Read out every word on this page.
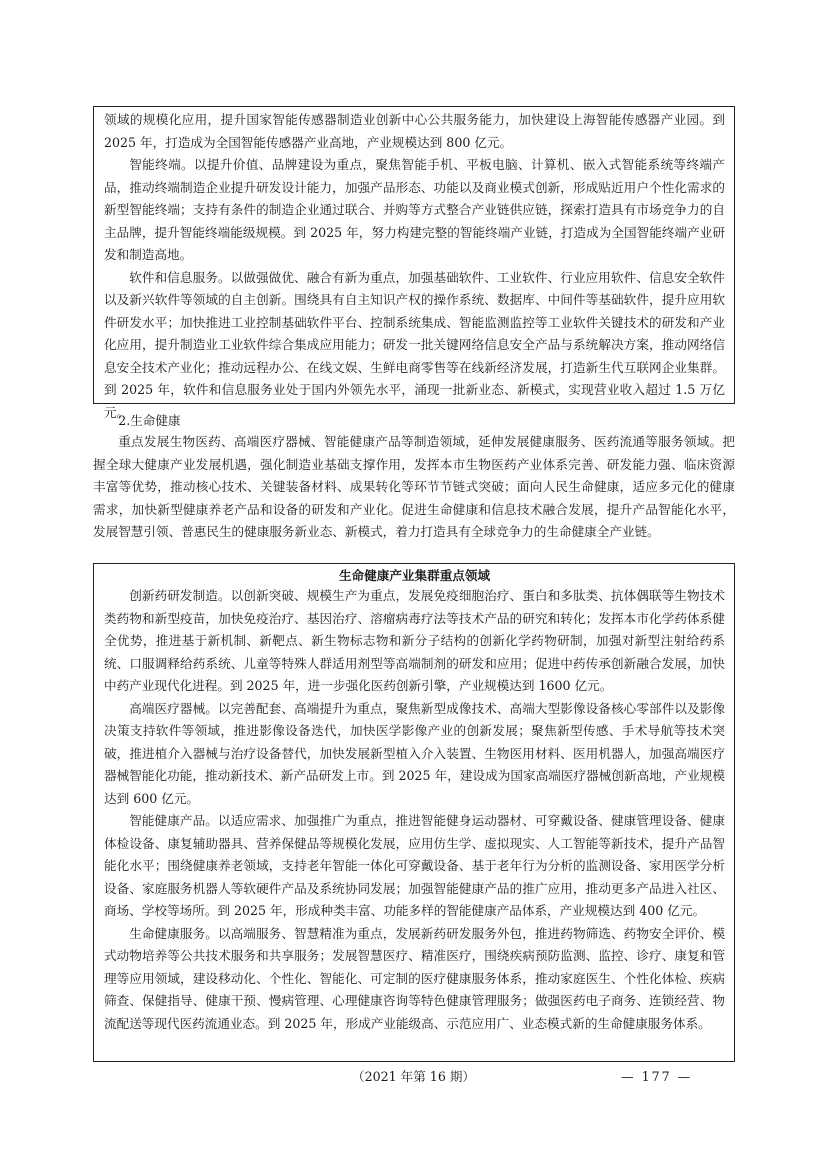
领域的规模化应用，提升国家智能传感器制造业创新中心公共服务能力，加快建设上海智能传感器产业园。到 2025 年，打造成为全国智能传感器产业高地，产业规模达到 800 亿元。

智能终端。以提升价值、品牌建设为重点，聚焦智能手机、平板电脑、计算机、嵌入式智能系统等终端产品，推动终端制造企业提升研发设计能力，加强产品形态、功能以及商业模式创新，形成贴近用户个性化需求的新型智能终端；支持有条件的制造企业通过联合、并购等方式整合产业链供应链，探索打造具有市场竞争力的自主品牌，提升智能终端能级规模。到 2025 年，努力构建完整的智能终端产业链，打造成为全国智能终端产业研发和制造高地。

软件和信息服务。以做强做优、融合有新为重点，加强基础软件、工业软件、行业应用软件、信息安全软件以及新兴软件等领域的自主创新。围绕具有自主知识产权的操作系统、数据库、中间件等基础软件，提升应用软件研发水平；加快推进工业控制基础软件平台、控制系统集成、智能监测监控等工业软件关键技术的研发和产业化应用，提升制造业工业软件综合集成应用能力；研发一批关键网络信息安全产品与系统解决方案，推动网络信息安全技术产业化；推动远程办公、在线文娱、生鲜电商零售等在线新经济发展，打造新生代互联网企业集群。到 2025 年，软件和信息服务业处于国内外领先水平，涌现一批新业态、新模式，实现营业收入超过 1.5 万亿元。

2.生命健康

重点发展生物医药、高端医疗器械、智能健康产品等制造领域，延伸发展健康服务、医药流通等服务领域。把握全球大健康产业发展机遇，强化制造业基础支撑作用，发挥本市生物医药产业体系完善、研发能力强、临床资源丰富等优势，推动核心技术、关键装备材料、成果转化等环节节链式突破；面向人民生命健康，适应多元化的健康需求，加快新型健康养老产品和设备的研发和产业化。促进生命健康和信息技术融合发展，提升产品智能化水平，发展智慧引领、普惠民生的健康服务新业态、新模式，着力打造具有全球竞争力的生命健康全产业链。

生命健康产业集群重点领域

创新药研发制造。以创新突破、规模生产为重点，发展免疫细胞治疗、蛋白和多肽类、抗体偶联等生物技术类药物和新型疫苗，加快免疫治疗、基因治疗、溶瘤病毒疗法等技术产品的研究和转化；发挥本市化学药体系健全优势，推进基于新机制、新靶点、新生物标志物和新分子结构的创新化学药物研制，加强对新型注射给药系统、口服调释给药系统、儿童等特殊人群适用剂型等高端制剂的研发和应用；促进中药传承创新融合发展，加快中药产业现代化进程。到 2025 年，进一步强化医药创新引擎，产业规模达到 1600 亿元。

高端医疗器械。以完善配套、高端提升为重点，聚焦新型成像技术、高端大型影像设备核心零部件以及影像决策支持软件等领域，推进影像设备迭代，加快医学影像产业的创新发展；聚焦新型传感、手术导航等技术突破，推进植介入器械与治疗设备替代，加快发展新型植入介入装置、生物医用材料、医用机器人，加强高端医疗器械智能化功能，推动新技术、新产品研发上市。到 2025 年，建设成为国家高端医疗器械创新高地，产业规模达到 600 亿元。

智能健康产品。以适应需求、加强推广为重点，推进智能健身运动器材、可穿戴设备、健康管理设备、健康体检设备、康复辅助器具、营养保健品等规模化发展，应用仿生学、虚拟现实、人工智能等新技术，提升产品智能化水平；围绕健康养老领域，支持老年智能一体化可穿戴设备、基于老年行为分析的监测设备、家用医学分析设备、家庭服务机器人等软硬件产品及系统协同发展；加强智能健康产品的推广应用，推动更多产品进入社区、商场、学校等场所。到 2025 年，形成种类丰富、功能多样的智能健康产品体系，产业规模达到 400 亿元。

生命健康服务。以高端服务、智慧精准为重点，发展新药研发服务外包，推进药物筛选、药物安全评价、模式动物培养等公共技术服务和共享服务；发展智慧医疗、精准医疗，围绕疾病预防监测、监控、诊疗、康复和管理等应用领域，建设移动化、个性化、智能化、可定制的医疗健康服务体系，推动家庭医生、个性化体检、疾病筛查、保健指导、健康干预、慢病管理、心理健康咨询等特色健康管理服务；做强医药电子商务、连锁经营、物流配送等现代医药流通业态。到 2025 年，形成产业能级高、示范应用广、业态模式新的生命健康服务体系。

（2021 年第 16 期）	— 177 —
